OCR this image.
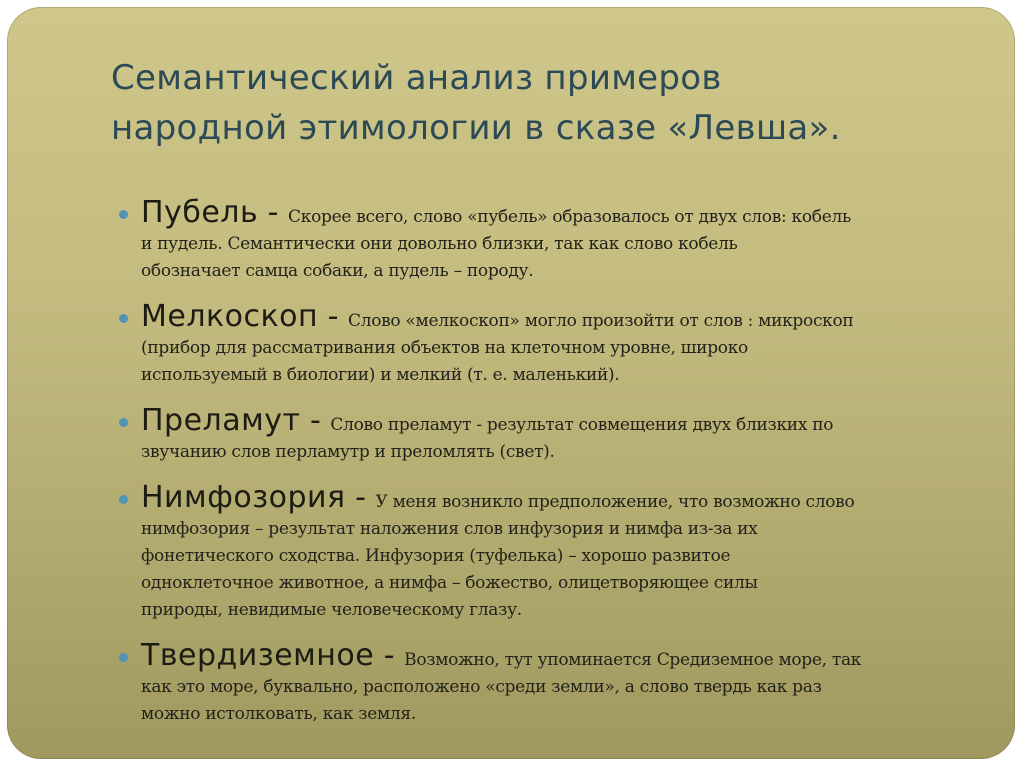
Семантический анализ примеров
народной этимологии в сказе «Левша».
Пубель - Скорее всего, слово «пубель» образовалось от двух слов: кобель
и пудель. Семантически они довольно близки, так как слово кобель
обозначает самца собаки, а пудель – породу.
Мелкоскоп - Слово «мелкоскоп» могло произойти от слов : микроскоп
(прибор для рассматривания объектов на клеточном уровне, широко
используемый в биологии) и мелкий (т. е. маленький).
Преламут - Слово преламут - результат совмещения двух близких по
звучанию слов перламутр и преломлять (свет).
Нимфозория - У меня возникло предположение, что возможно слово
нимфозория – результат наложения слов инфузория и нимфа из-за их
фонетического сходства. Инфузория (туфелька) – хорошо развитое
одноклеточное животное, а нимфа – божество, олицетворяющее силы
природы, невидимые человеческому глазу.
Твердиземное - Возможно, тут упоминается Средиземное море, так
как это море, буквально, расположено «среди земли», а слово твердь как раз
можно истолковать, как земля.
